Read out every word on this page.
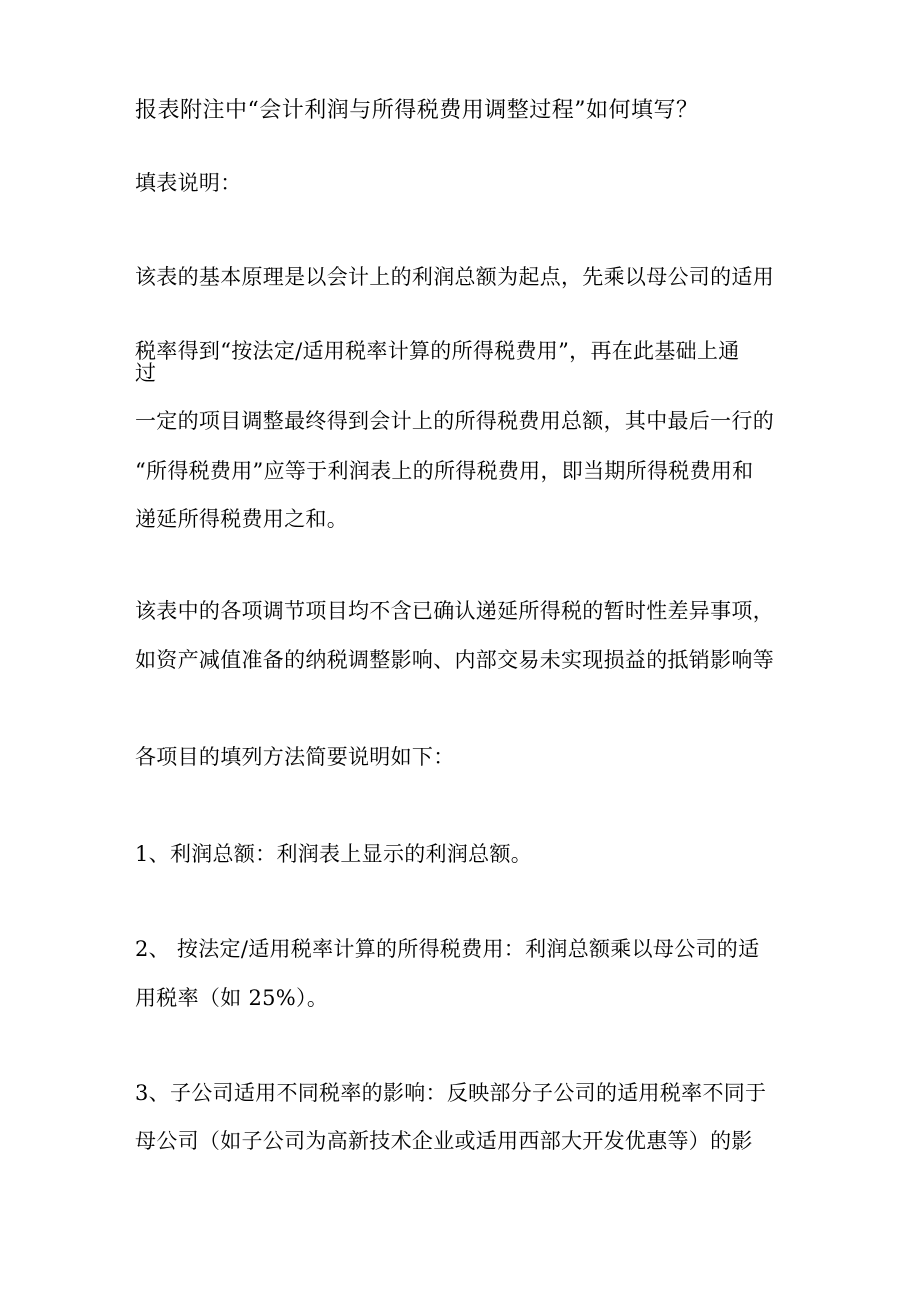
报表附注中“会计利润与所得税费用调整过程”如何填写？
填表说明：
该表的基本原理是以会计上的利润总额为起点，先乘以母公司的适用
税率得到“按法定/适用税率计算的所得税费用”，再在此基础上通
过
一定的项目调整最终得到会计上的所得税费用总额，其中最后一行的
“所得税费用”应等于利润表上的所得税费用，即当期所得税费用和
递延所得税费用之和。
该表中的各项调节项目均不含已确认递延所得税的暂时性差异事项，
如资产减值准备的纳税调整影响、内部交易未实现损益的抵销影响等
各项目的填列方法简要说明如下：
1、利润总额：利润表上显示的利润总额。
2、 按法定/适用税率计算的所得税费用：利润总额乘以母公司的适
用税率（如 25%）。
3、子公司适用不同税率的影响：反映部分子公司的适用税率不同于
母公司（如子公司为高新技术企业或适用西部大开发优惠等）的影
